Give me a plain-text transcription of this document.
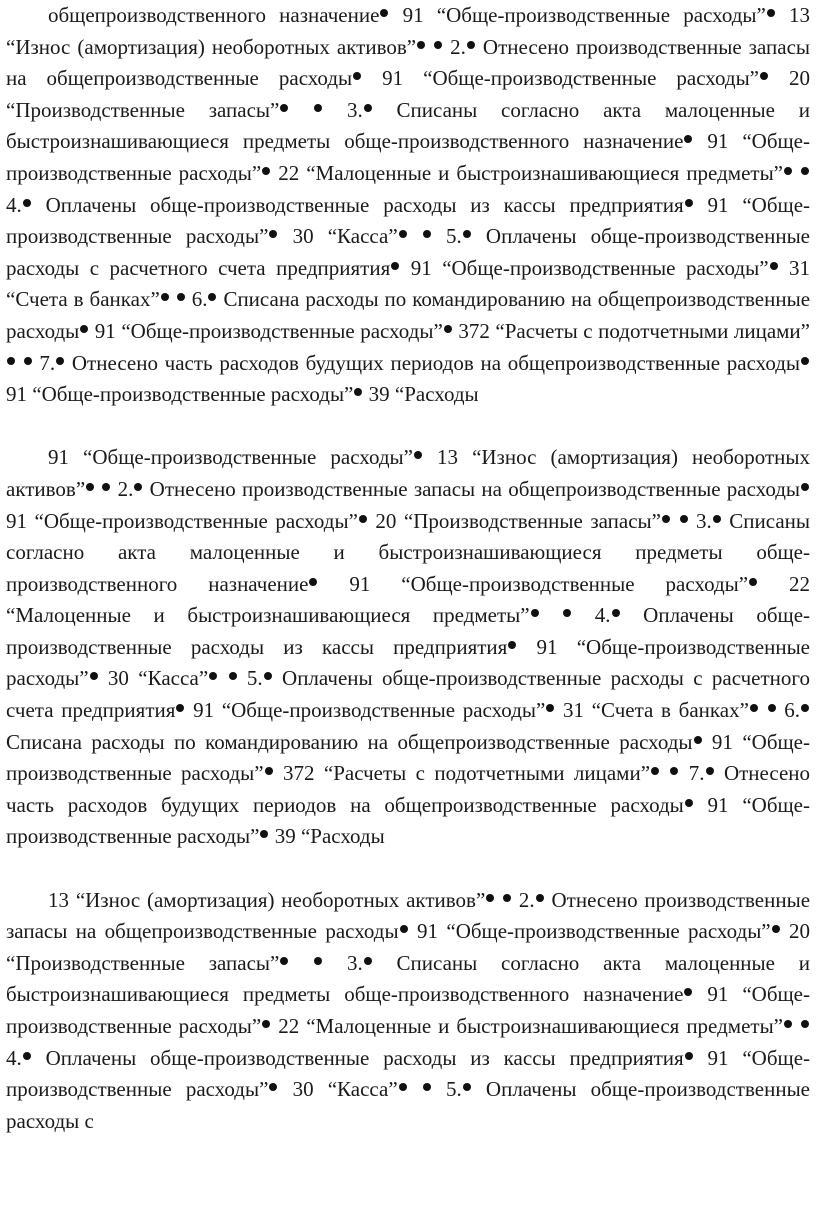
общепроизводственного назначение 91 “Обще-производственные расходы” 13 “Износ (амортизация) необоротных активов”  2. Отнесено производственные запасы на общепроизводственные расходы 91 “Обще-производственные расходы” 20 “Производственные запасы”  3. Списаны согласно акта малоценные и быстроизнашивающиеся предметы обще-производственного назначение 91 “Обще-производственные расходы” 22 “Малоценные и быстроизнашивающиеся предметы”  4. Оплачены обще-производственные расходы из кассы предприятия 91 “Обще-производственные расходы” 30 “Касса”  5. Оплачены обще-производственные расходы с расчетного счета предприятия 91 “Обще-производственные расходы” 31 “Счета в банках”  6. Списана расходы по командированию на общепроизводственные расходы 91 “Обще-производственные расходы” 372 “Расчеты с подотчетными лицами”  7. Отнесено часть расходов будущих периодов на общепроизводственные расходы 91 “Обще-производственные расходы” 39 “Расходы

91 “Обще-производственные расходы” 13 “Износ (амортизация) необоротных активов”  2. Отнесено производственные запасы на общепроизводственные расходы 91 “Обще-производственные расходы” 20 “Производственные запасы”  3. Списаны согласно акта малоценные и быстроизнашивающиеся предметы обще-производственного назначение 91 “Обще-производственные расходы” 22 “Малоценные и быстроизнашивающиеся предметы”  4. Оплачены обще-производственные расходы из кассы предприятия 91 “Обще-производственные расходы” 30 “Касса”  5. Оплачены обще-производственные расходы с расчетного счета предприятия 91 “Обще-производственные расходы” 31 “Счета в банках”  6. Списана расходы по командированию на общепроизводственные расходы 91 “Обще-производственные расходы” 372 “Расчеты с подотчетными лицами”  7. Отнесено часть расходов будущих периодов на общепроизводственные расходы 91 “Обще-производственные расходы” 39 “Расходы

13 “Износ (амортизация) необоротных активов”  2. Отнесено производственные запасы на общепроизводственные расходы 91 “Обще-производственные расходы” 20 “Производственные запасы”  3. Списаны согласно акта малоценные и быстроизнашивающиеся предметы обще-производственного назначение 91 “Обще-производственные расходы” 22 “Малоценные и быстроизнашивающиеся предметы”  4. Оплачены обще-производственные расходы из кассы предприятия 91 “Обще-производственные расходы” 30 “Касса”  5. Оплачены обще-производственные расходы с
